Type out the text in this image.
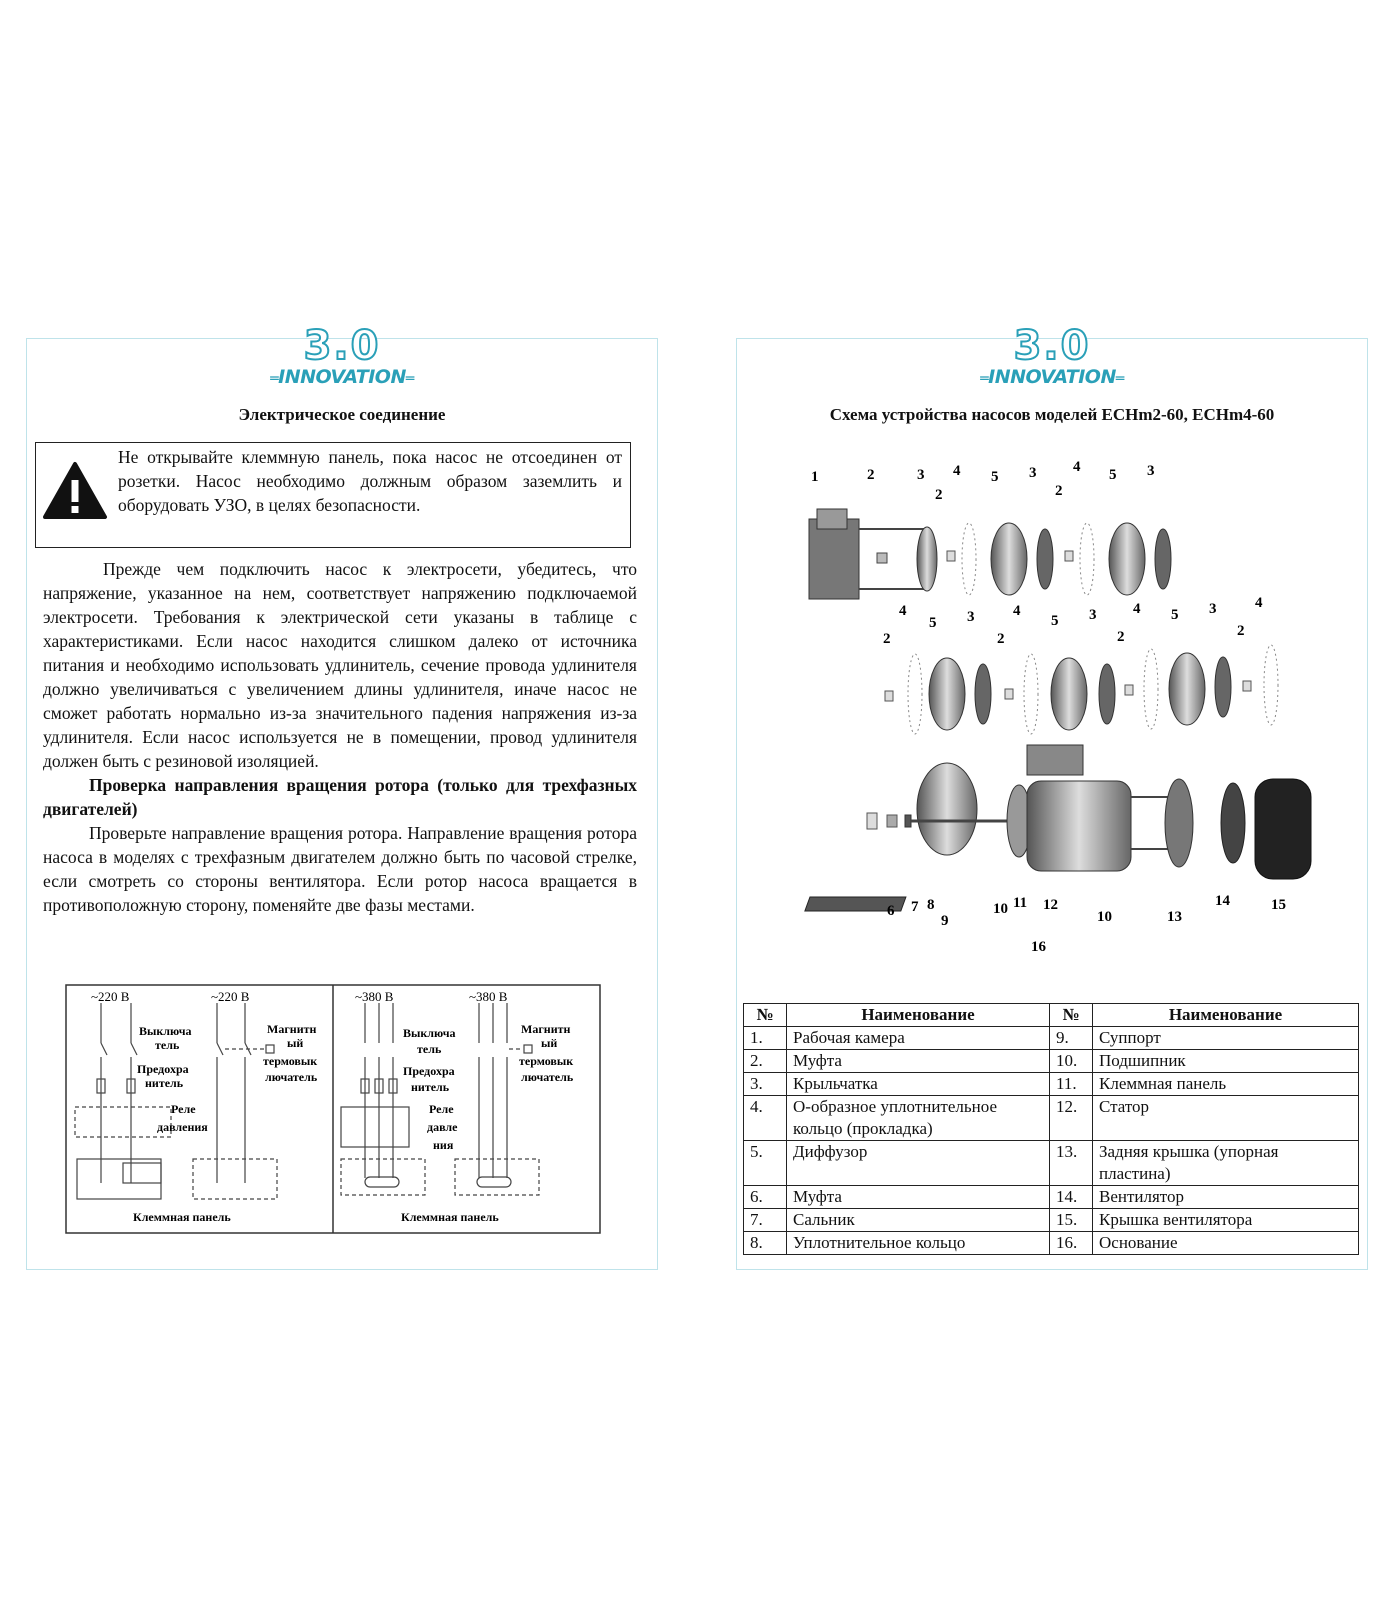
3.0
═INNOVATION═
Электрическое соединение
Не открывайте клеммную панель, пока насос не отсоединен от розетки. Насос необходимо должным образом заземлить и оборудовать УЗО, в целях безопасности.

Прежде чем подключить насос к электросети, убедитесь, что напряжение, указанное на нем, соответствует напряжению подключаемой электросети. Требования к электрической сети указаны в таблице с характеристиками. Если насос находится слишком далеко от источника питания и необходимо использовать удлинитель, сечение провода удлинителя должно увеличиваться с увеличением длины удлинителя, иначе насос не сможет работать нормально из-за значительного падения напряжения из-за удлинителя. Если насос используется не в помещении, провод удлинителя должен быть с резиновой изоляцией.

Проверка направления вращения ротора (только для трехфазных двигателей)

Проверьте направление вращения ротора. Направление вращения ротора насоса в моделях с трехфазным двигателем должно быть по часовой стрелке, если смотреть со стороны вентилятора. Если ротор насоса вращается в противоположную сторону, поменяйте две фазы местами.

~220 В	~220 В	~380 В	~380 В
Выключа
тель
Предохра
нитель
Реле
давления
Магнитн
ый
термовык
лючатель
Выключа
тель
Предохра
нитель
Реле
давле
ния
Магнитн
ый
термовык
лючатель
Клеммная панель	Клеммная панель
3.0
═INNOVATION═
Схема устройства насосов моделей ECHm2-60, ECHm4-60
1	2	3
2
4 5 3 4
2
5 3
4
2
5 3	4
2
5 3 4
2
5 3	4
2
6 7 8
9
10 11 12
10	13
14	15
16
№	Наименование	№	Наименование
1.	Рабочая камера	9.	Суппорт
2.	Муфта	10.	Подшипник
3.	Крыльчатка	11.	Клеммная панель
4.	О-образное уплотнительное кольцо (прокладка)	12.	Статор
5.	Диффузор	13.	Задняя крышка (упорная пластина)
6.	Муфта	14.	Вентилятор
7.	Сальник	15.	Крышка вентилятора
8.	Уплотнительное кольцо	16.	Основание
